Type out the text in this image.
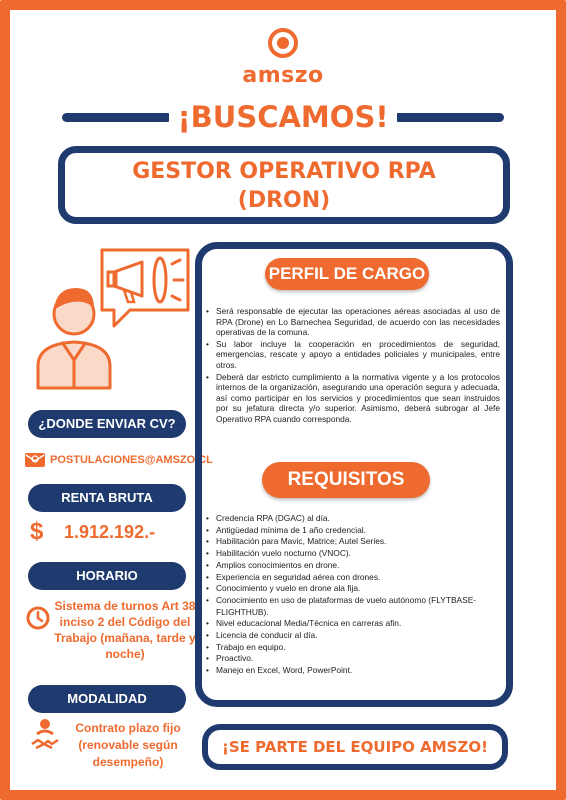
amszo
¡BUSCAMOS!
GESTOR OPERATIVO RPA
(DRON)
¿DONDE ENVIAR CV?
POSTULACIONES@AMSZO.CL
RENTA BRUTA
$ 1.912.192.-
HORARIO
Sistema de turnos Art 38 inciso 2 del Código del Trabajo (mañana, tarde y noche)
MODALIDAD
Contrato plazo fijo (renovable según desempeño)
PERFIL DE CARGO
• Será responsable de ejecutar las operaciones aéreas asociadas al uso de RPA (Drone) en Lo Barnechea Seguridad, de acuerdo con las necesidades operativas de la comuna.
• Su labor incluye la cooperación en procedimientos de seguridad, emergencias, rescate y apoyo a entidades policiales y municipales, entre otros.
• Deberá dar estricto cumplimiento a la normativa vigente y a los protocolos internos de la organización, asegurando una operación segura y adecuada, así como participar en los servicios y procedimientos que sean instruidos por su jefatura directa y/o superior. Asimismo, deberá subrogar al Jefe Operativo RPA cuando corresponda.
REQUISITOS
• Credencia RPA (DGAC) al día.
• Antigüedad mínima de 1 año credencial.
• Habilitación para Mavic, Matrice; Autel Series.
• Habilitación vuelo nocturno (VNOC).
• Amplios conocimientos en drone.
• Experiencia en seguridad aérea con drones.
• Conocimiento y vuelo en drone ala fija.
• Conocimiento en uso de plataformas de vuelo autónomo (FLYTBASE-FLIGHTHUB).
• Nivel educacional Media/Técnica en carreras afin.
• Licencia de conducir al día.
• Trabajo en equipo.
• Proactivo.
• Manejo en Excel, Word, PowerPoint.
¡SE PARTE DEL EQUIPO AMSZO!
